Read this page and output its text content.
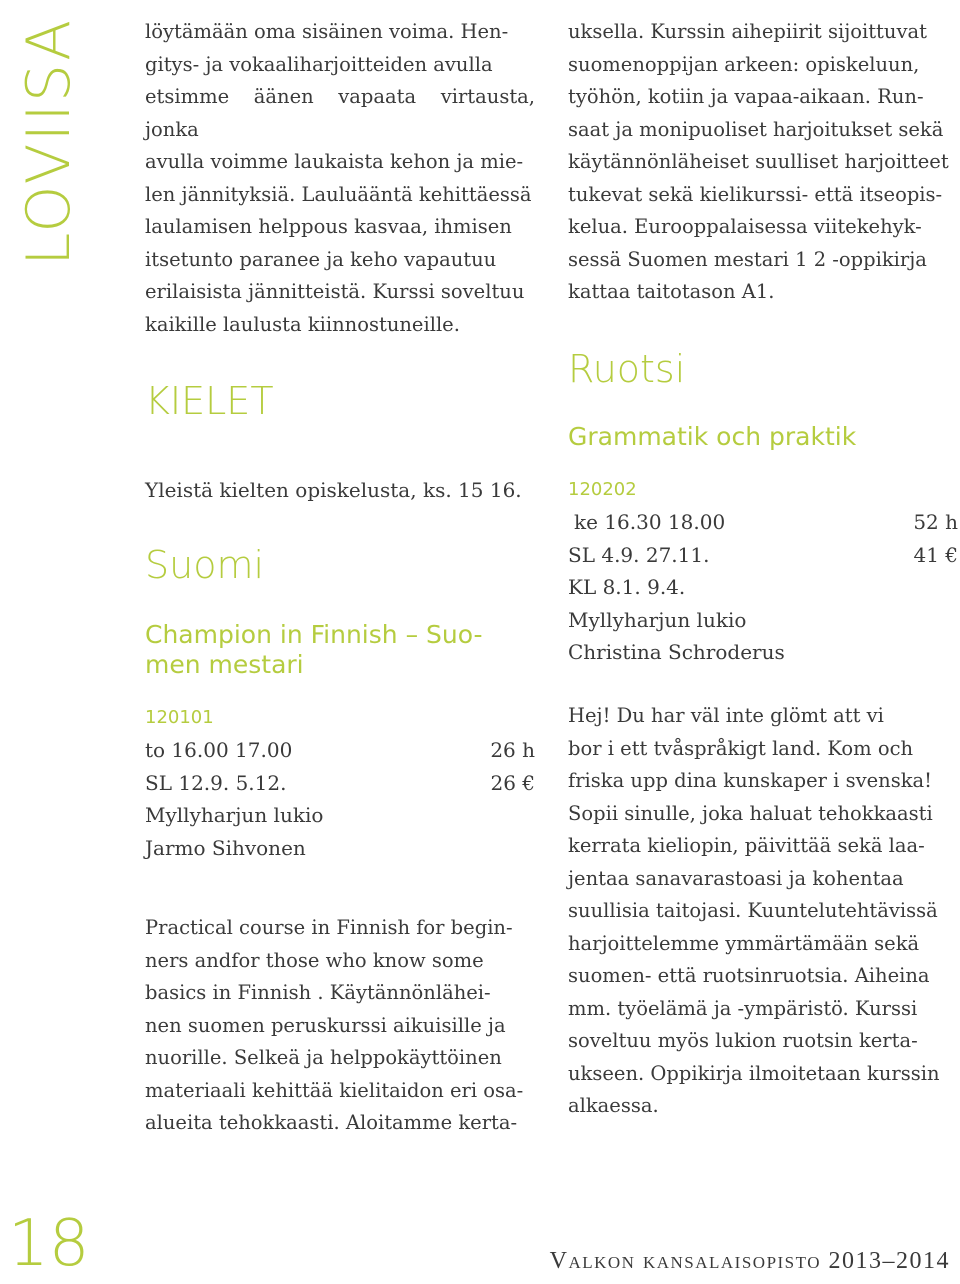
LOVIISA
18	Valkon kansalaisopisto 2013–2014
löytämään oma sisäinen voima. Hen-
gitys- ja vokaaliharjoitteiden avulla
etsimme äänen vapaata virtausta, jonka
avulla voimme laukaista kehon ja mie-
len jännityksiä. Lauluääntä kehittäessä
laulamisen helppous kasvaa, ihmisen
itsetunto paranee ja keho vapautuu
erilaisista jännitteistä. Kurssi soveltuu
kaikille laulusta kiinnostuneille.
KIELET

Yleistä kielten opiskelusta, ks. 15 16.

Suomi
Champion in Finnish – Suo-
men mestari

120101

to 16.00 17.00	26 h
SL 12.9. 5.12.	26 €
Myllyharjun lukio
Jarmo Sihvonen
Practical course in Finnish for begin-
ners andfor those who know some
basics in Finnish . Käytännönlähei-
nen suomen peruskurssi aikuisille ja
nuorille. Selkeä ja helppokäyttöinen
materiaali kehittää kielitaidon eri osa-
alueita tehokkaasti. Aloitamme kerta-
uksella. Kurssin aihepiirit sijoittuvat
suomenoppijan arkeen: opiskeluun,
työhön, kotiin ja vapaa-aikaan. Run-
saat ja monipuoliset harjoitukset sekä
käytännönläheiset suulliset harjoitteet
tukevat sekä kielikurssi- että itseopis-
kelua. Eurooppalaisessa viitekehyk-
sessä Suomen mestari 1 2 -oppikirja
kattaa taitotason A1.
Ruotsi
Grammatik och praktik

120202

ke 16.30 18.00	52 h
SL 4.9. 27.11.	41 €
KL 8.1. 9.4.
Myllyharjun lukio
Christina Schroderus
Hej! Du har väl inte glömt att vi
bor i ett tvåspråkigt land. Kom och
friska upp dina kunskaper i svenska!
Sopii sinulle, joka haluat tehokkaasti
kerrata kieliopin, päivittää sekä laa-
jentaa sanavarastoasi ja kohentaa
suullisia taitojasi. Kuuntelutehtävissä
harjoittelemme ymmärtämään sekä
suomen- että ruotsinruotsia. Aiheina
mm. työelämä ja -ympäristö. Kurssi
soveltuu myös lukion ruotsin kerta-
ukseen. Oppikirja ilmoitetaan kurssin
alkaessa.
